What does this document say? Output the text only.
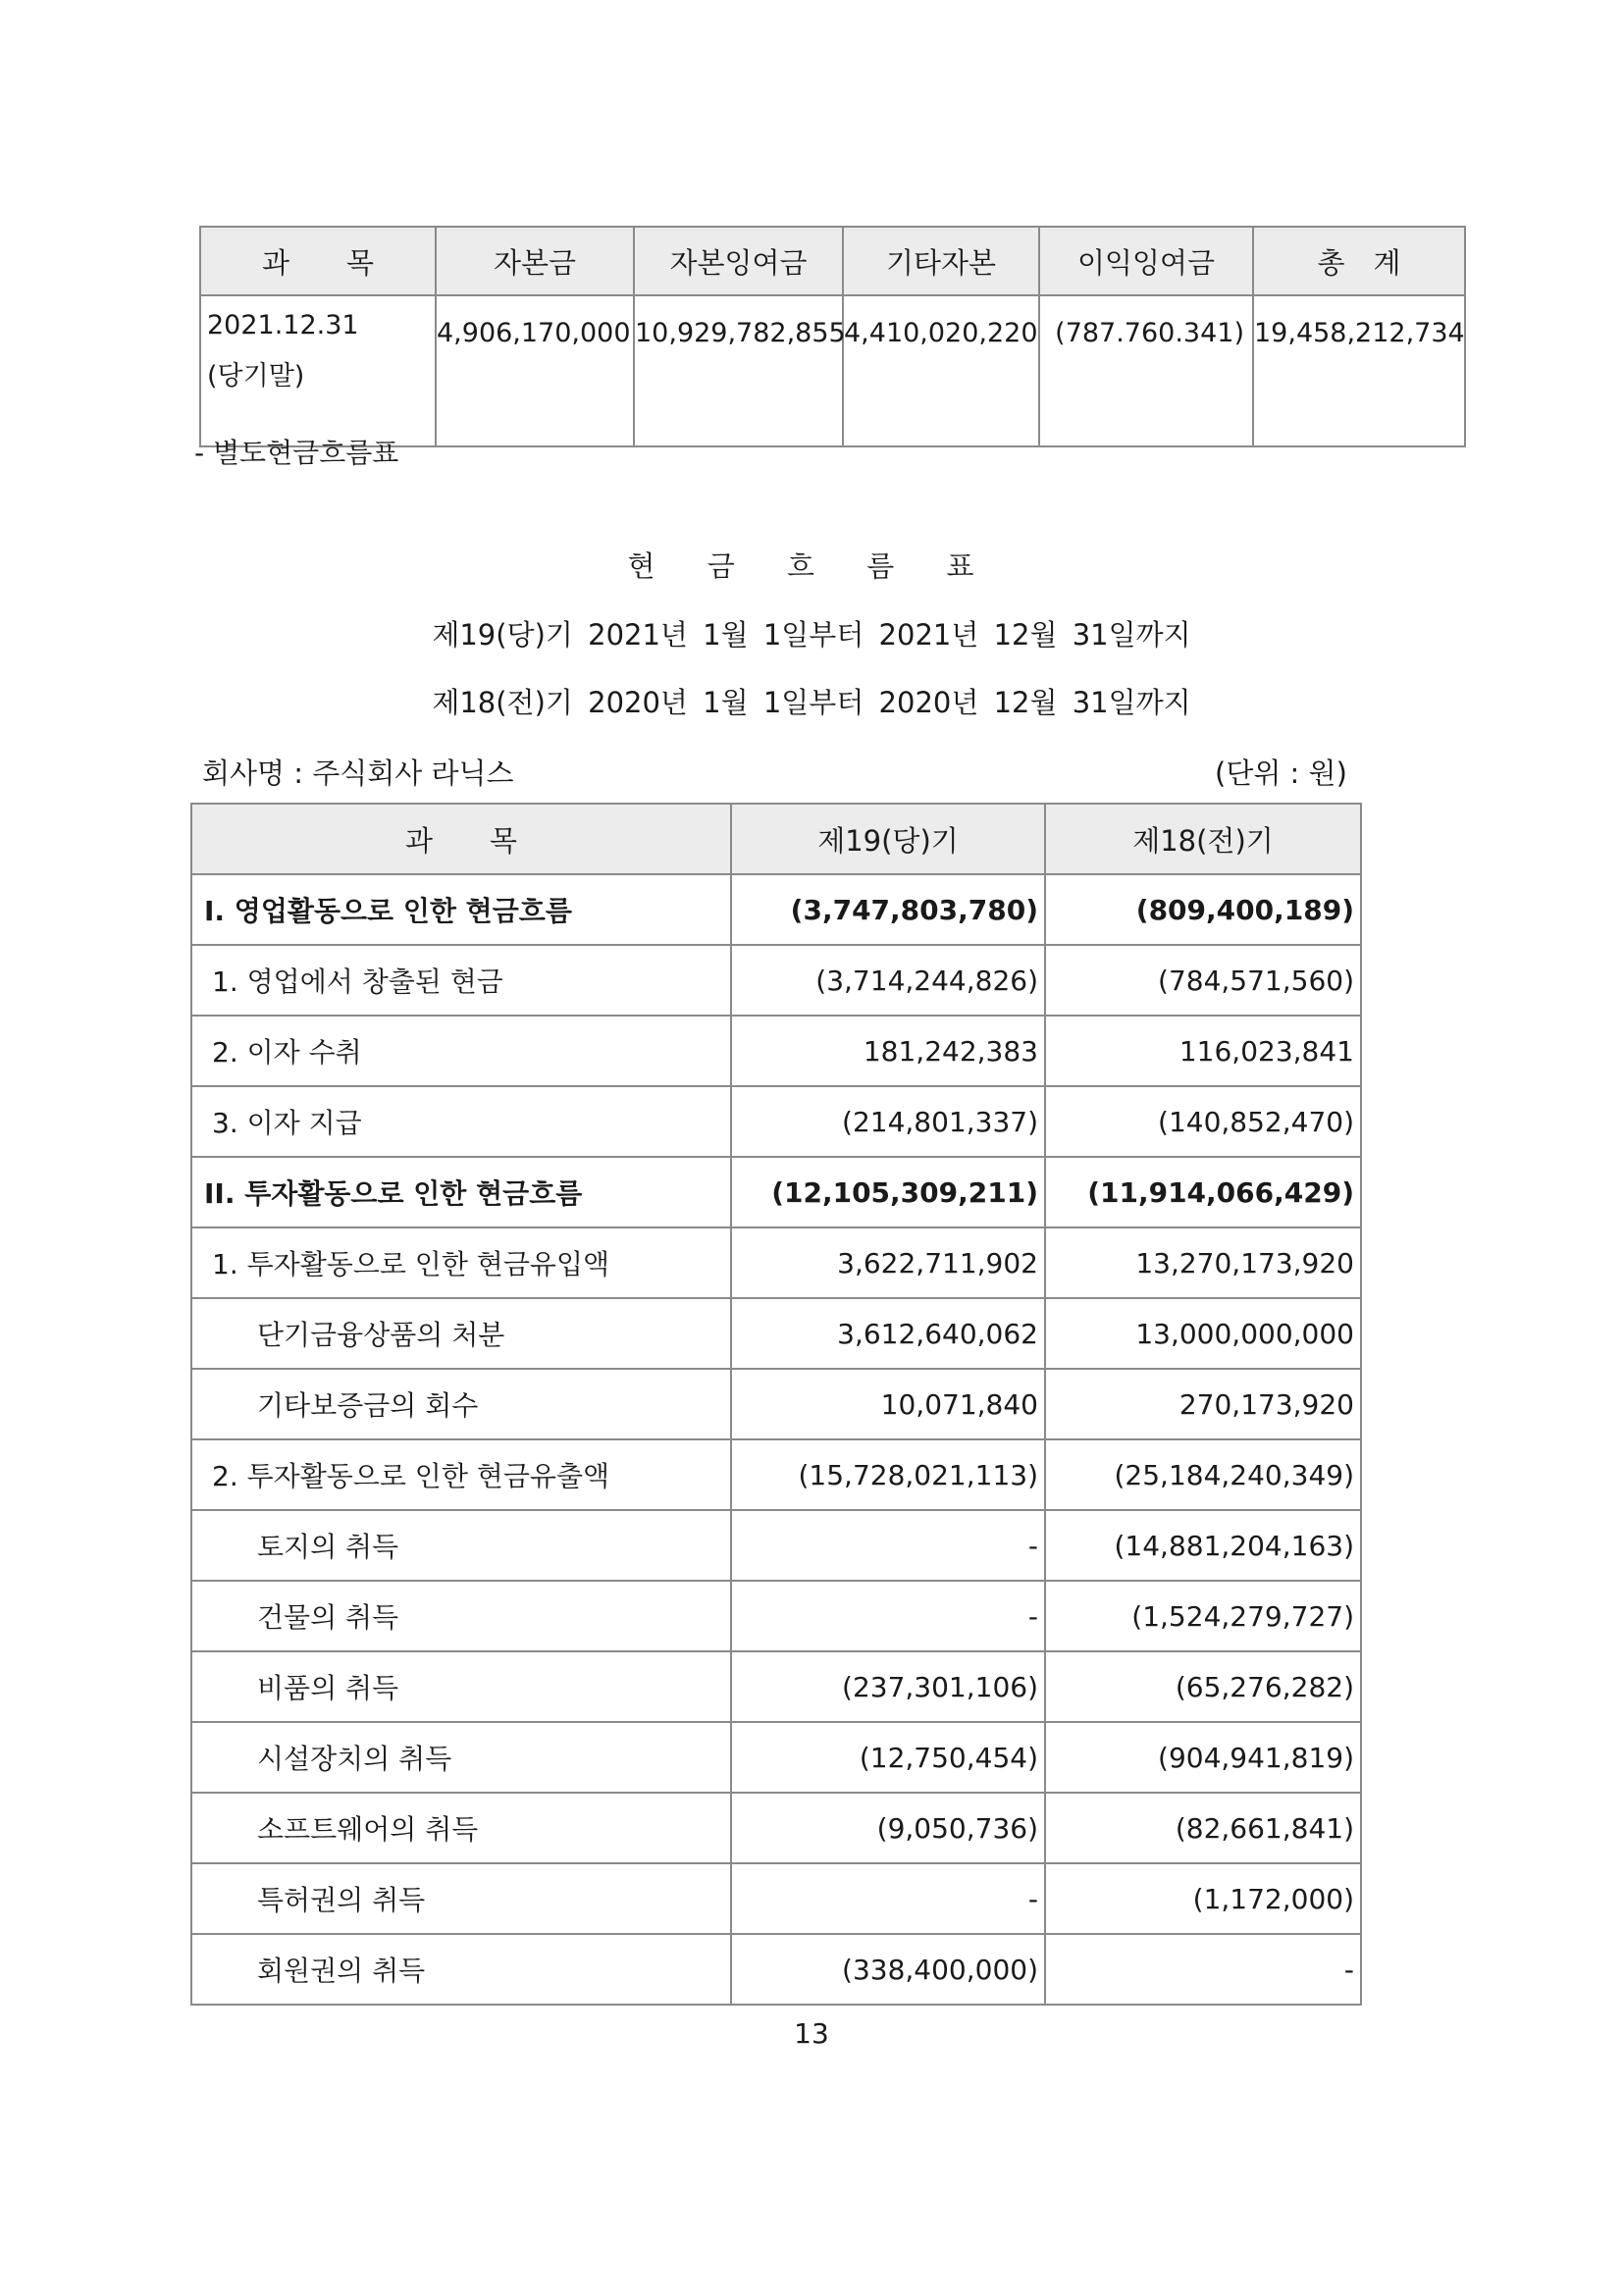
과　　목	자본금	자본잉여금	기타자본	이익잉여금	총　계

2021.12.31
(당기말)	4,906,170,000	10,929,782,855	4,410,020,220	(787.760.341)	19,458,212,734
- 별도현금흐름표
현 금 흐 름 표
제19(당)기 2021년 1월 1일부터 2021년 12월 31일까지
제18(전)기 2020년 1월 1일부터 2020년 12월 31일까지
회사명 : 주식회사 라닉스	(단위 : 원)
과　　목	제19(당)기	제18(전)기
I. 영업활동으로 인한 현금흐름	(3,747,803,780)	(809,400,189)
1. 영업에서 창출된 현금	(3,714,244,826)	(784,571,560)
2. 이자 수취	181,242,383	116,023,841
3. 이자 지급	(214,801,337)	(140,852,470)
II. 투자활동으로 인한 현금흐름	(12,105,309,211)	(11,914,066,429)
1. 투자활동으로 인한 현금유입액	3,622,711,902	13,270,173,920
단기금융상품의 처분	3,612,640,062	13,000,000,000
기타보증금의 회수	10,071,840	270,173,920
2. 투자활동으로 인한 현금유출액	(15,728,021,113)	(25,184,240,349)
토지의 취득	-	(14,881,204,163)
건물의 취득	-	(1,524,279,727)
비품의 취득	(237,301,106)	(65,276,282)
시설장치의 취득	(12,750,454)	(904,941,819)
소프트웨어의 취득	(9,050,736)	(82,661,841)
특허권의 취득	-	(1,172,000)
회원권의 취득	(338,400,000)	-
13
